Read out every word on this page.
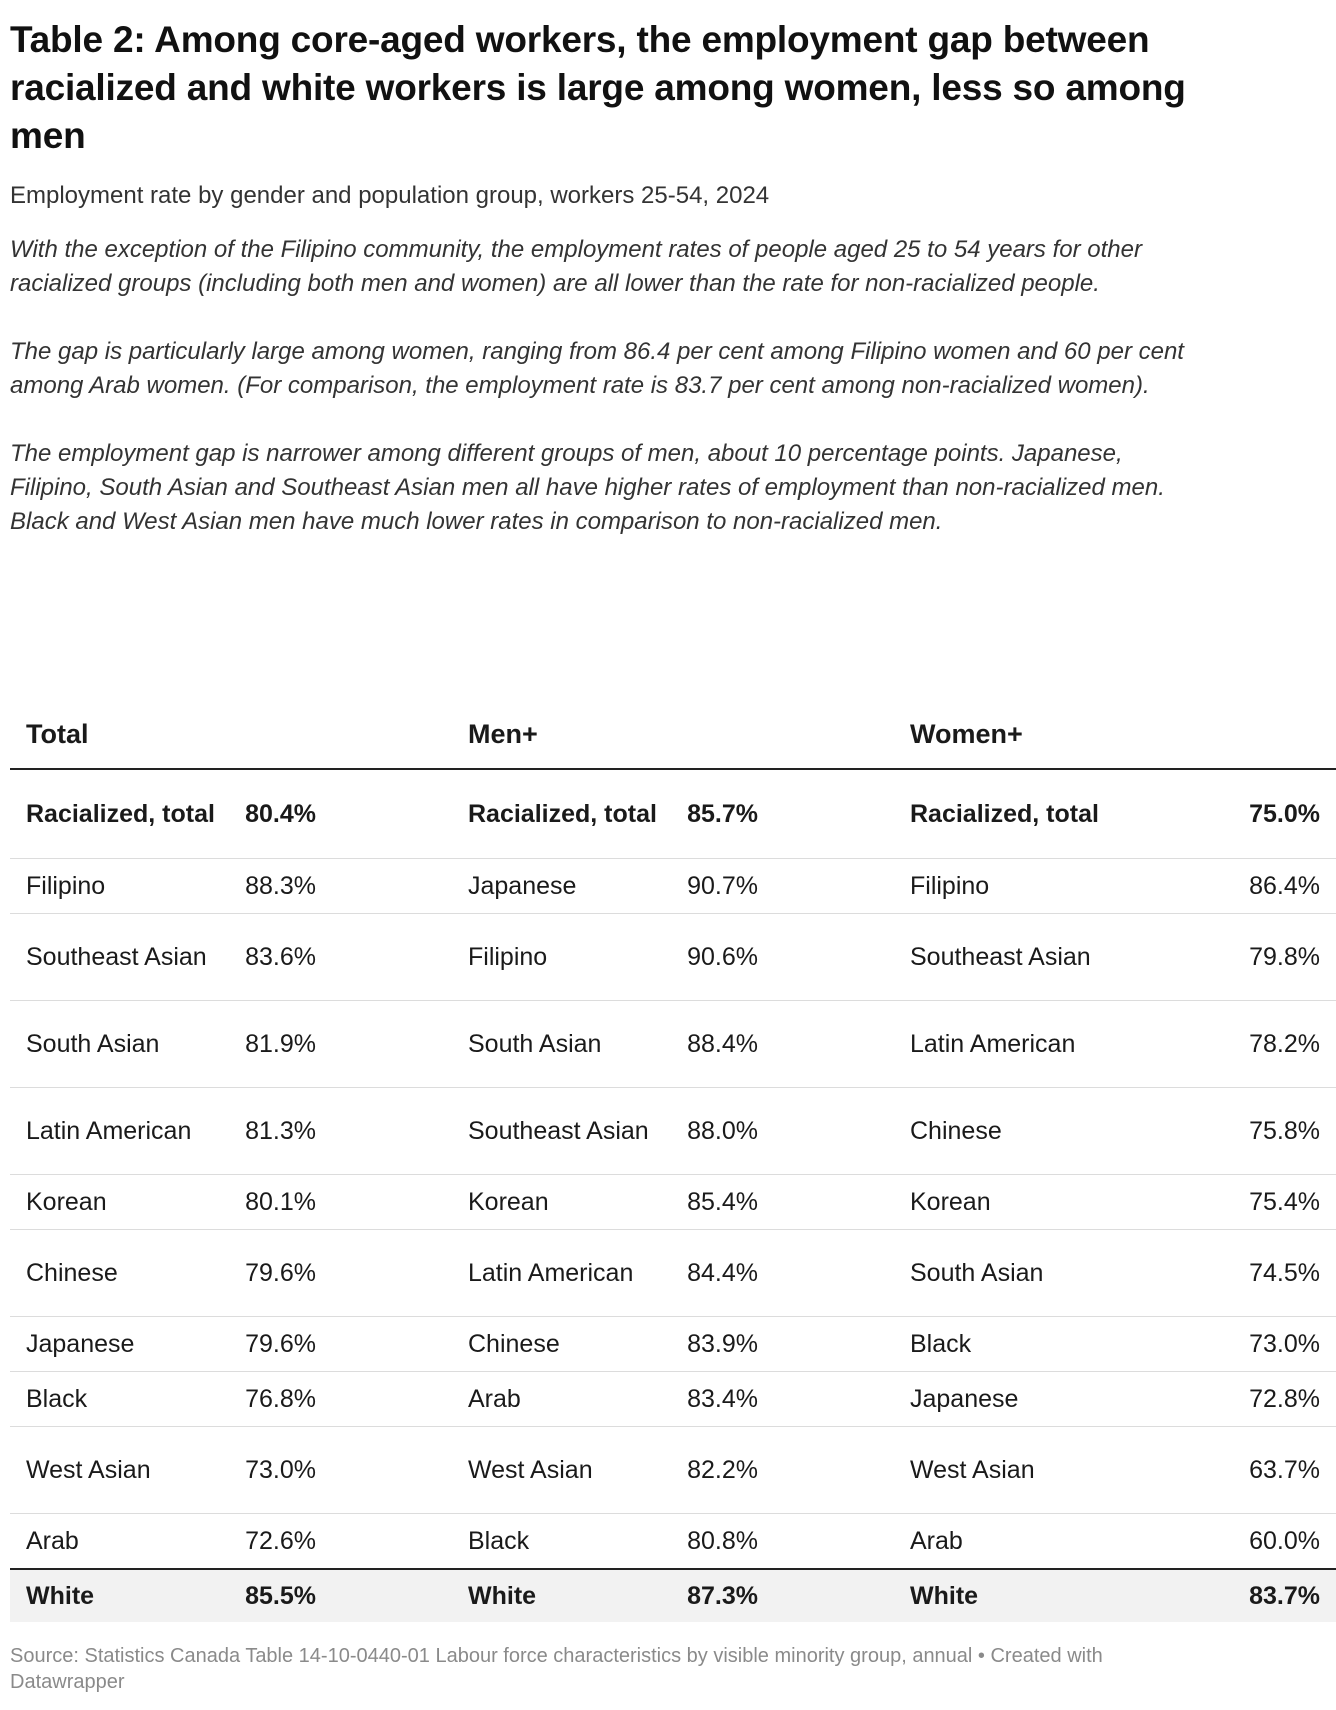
Table 2: Among core-aged workers, the employment gap between racialized and white workers is large among women, less so among men
Employment rate by gender and population group, workers 25-54, 2024

With the exception of the Filipino community, the employment rates of people aged 25 to 54 years for other racialized groups (including both men and women) are all lower than the rate for non-racialized people.

The gap is particularly large among women, ranging from 86.4 per cent among Filipino women and 60 per cent among Arab women. (For comparison, the employment rate is 83.7 per cent among non-racialized women).

The employment gap is narrower among different groups of men, about 10 percentage points. Japanese, Filipino, South Asian and Southeast Asian men all have higher rates of employment than non-racialized men. Black and West Asian men have much lower rates in comparison to non-racialized men.

Total		Men+		Women+	
Racialized, total	80.4%	Racialized, total	85.7%	Racialized, total	75.0%
Filipino	88.3%	Japanese	90.7%	Filipino	86.4%
Southeast Asian	83.6%	Filipino	90.6%	Southeast Asian	79.8%
South Asian	81.9%	South Asian	88.4%	Latin American	78.2%
Latin American	81.3%	Southeast Asian	88.0%	Chinese	75.8%
Korean	80.1%	Korean	85.4%	Korean	75.4%
Chinese	79.6%	Latin American	84.4%	South Asian	74.5%
Japanese	79.6%	Chinese	83.9%	Black	73.0%
Black	76.8%	Arab	83.4%	Japanese	72.8%
West Asian	73.0%	West Asian	82.2%	West Asian	63.7%
Arab	72.6%	Black	80.8%	Arab	60.0%
White	85.5%	White	87.3%	White	83.7%
Source: Statistics Canada Table 14-10-0440-01 Labour force characteristics by visible minority group, annual • Created with Datawrapper
